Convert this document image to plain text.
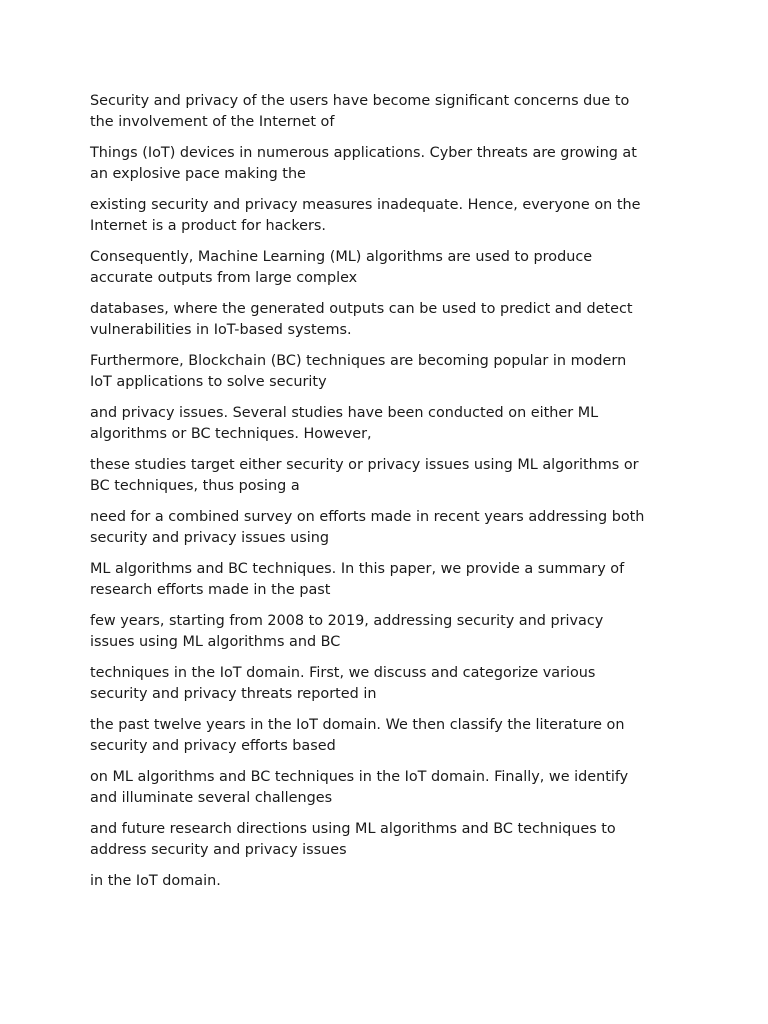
Security and privacy of the users have become significant concerns due to
the involvement of the Internet of

Things (IoT) devices in numerous applications. Cyber threats are growing at
an explosive pace making the

existing security and privacy measures inadequate. Hence, everyone on the
Internet is a product for hackers.

Consequently, Machine Learning (ML) algorithms are used to produce
accurate outputs from large complex

databases, where the generated outputs can be used to predict and detect
vulnerabilities in IoT-based systems.

Furthermore, Blockchain (BC) techniques are becoming popular in modern
IoT applications to solve security

and privacy issues. Several studies have been conducted on either ML
algorithms or BC techniques. However,

these studies target either security or privacy issues using ML algorithms or
BC techniques, thus posing a

need for a combined survey on efforts made in recent years addressing both
security and privacy issues using

ML algorithms and BC techniques. In this paper, we provide a summary of
research efforts made in the past

few years, starting from 2008 to 2019, addressing security and privacy
issues using ML algorithms and BC

techniques in the IoT domain. First, we discuss and categorize various
security and privacy threats reported in

the past twelve years in the IoT domain. We then classify the literature on
security and privacy efforts based

on ML algorithms and BC techniques in the IoT domain. Finally, we identify
and illuminate several challenges

and future research directions using ML algorithms and BC techniques to
address security and privacy issues

in the IoT domain.
